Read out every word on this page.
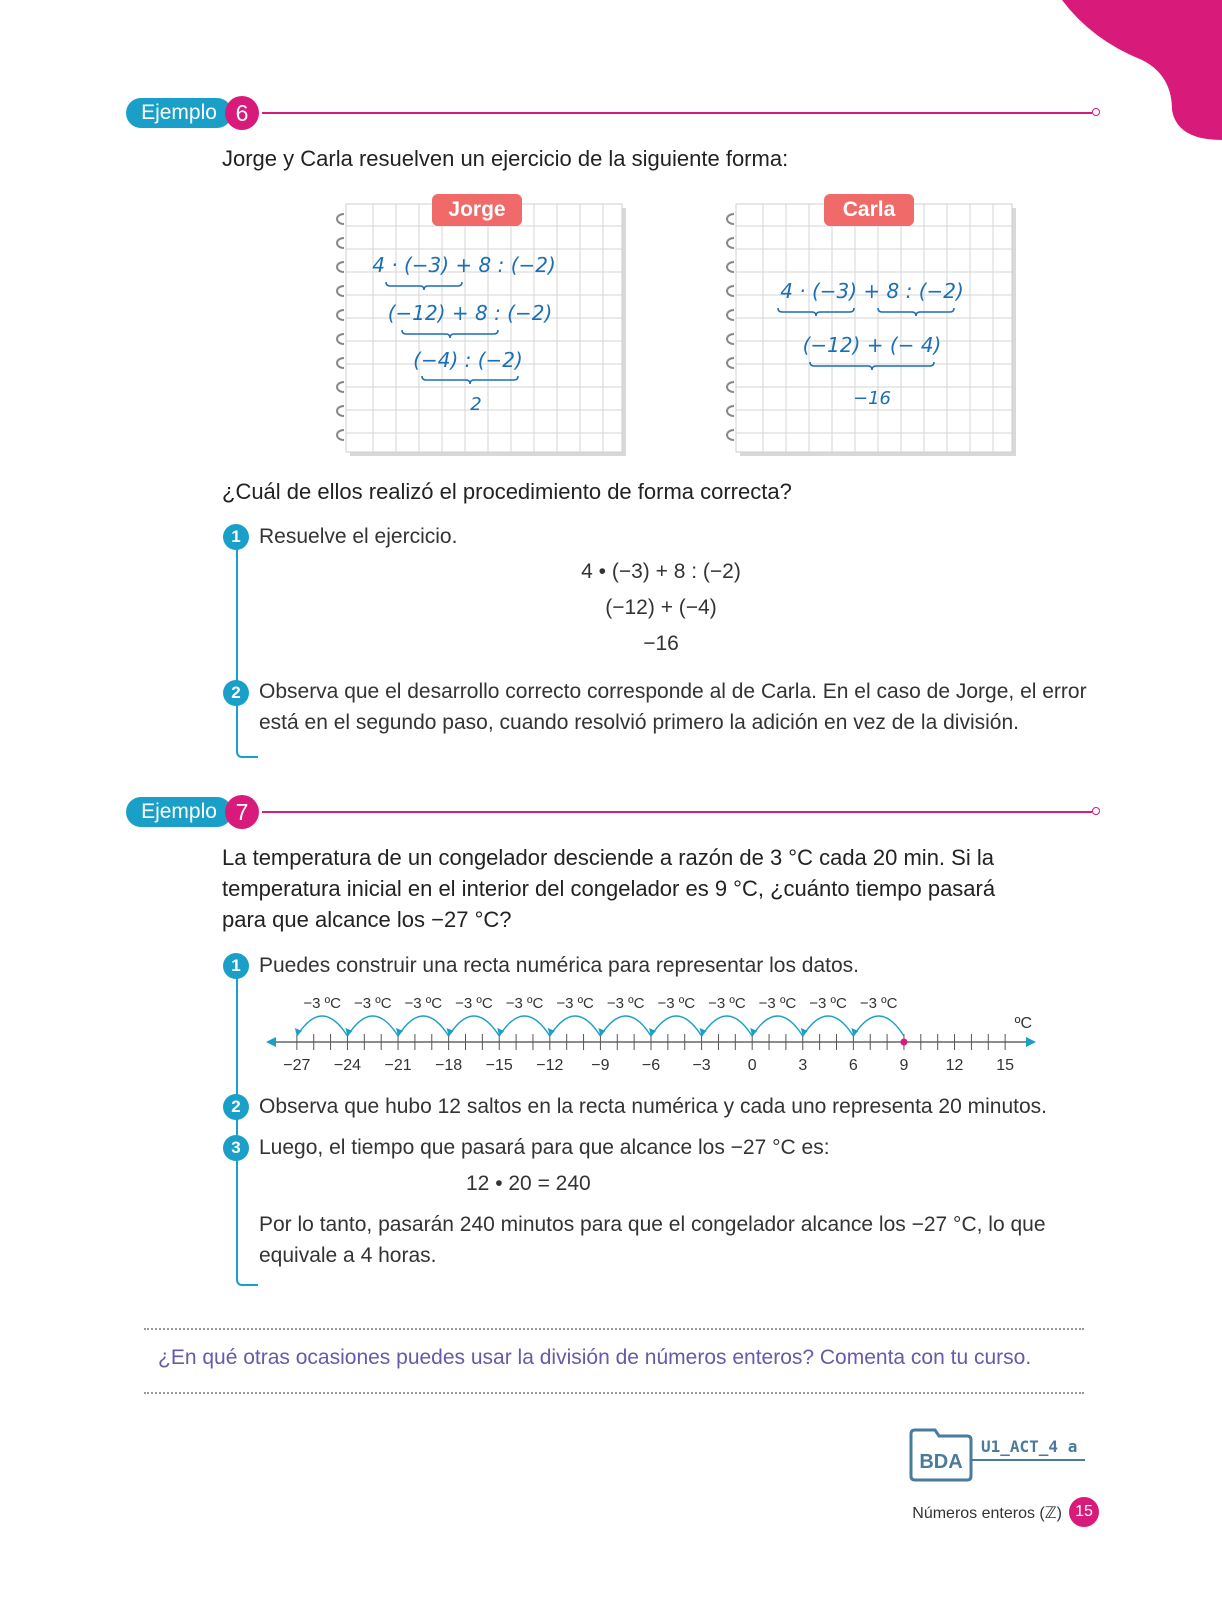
Ejemplo 6
Jorge y Carla resuelven un ejercicio de la siguiente forma:
4 · (−3) + 8 : (−2)
(−12) + 8 : (−2)
(−4) : (−2)
2
Jorge
4 · (−3) + 8 : (−2)
(−12) + (− 4)
−16
Carla
¿Cuál de ellos realizó el procedimiento de forma correcta?
1 Resuelve el ejercicio.
4 • (−3) + 8 : (−2)
(−12) + (−4)
−16
2 Observa que el desarrollo correcto corresponde al de Carla. En el caso de Jorge, el error está en el segundo paso, cuando resolvió primero la adición en vez de la división.
Ejemplo 7
La temperatura de un congelador desciende a razón de 3 °C cada 20 min. Si la temperatura inicial en el interior del congelador es 9 °C, ¿cuánto tiempo pasará para que alcance los −27 °C?
1 Puedes construir una recta numérica para representar los datos.
−27 −24 −21 −18 −15 −12 −9 −6 −3 0	3	6	9 12 15
ºC
−3 ºC
−3 ºC
−3 ºC
−3 ºC
−3 ºC
−3 ºC
−3 ºC
−3 ºC
−3 ºC
−3 ºC
−3 ºC
−3 ºC
2 Observa que hubo 12 saltos en la recta numérica y cada uno representa 20 minutos.
3 Luego, el tiempo que pasará para que alcance los −27 °C es:
12 • 20 = 240
Por lo tanto, pasarán 240 minutos para que el congelador alcance los −27 °C, lo que equivale a 4 horas.
¿En qué otras ocasiones puedes usar la división de números enteros? Comenta con tu curso.
BDA
U1_ACT_4 a 5
Números enteros (ℤ) 15
